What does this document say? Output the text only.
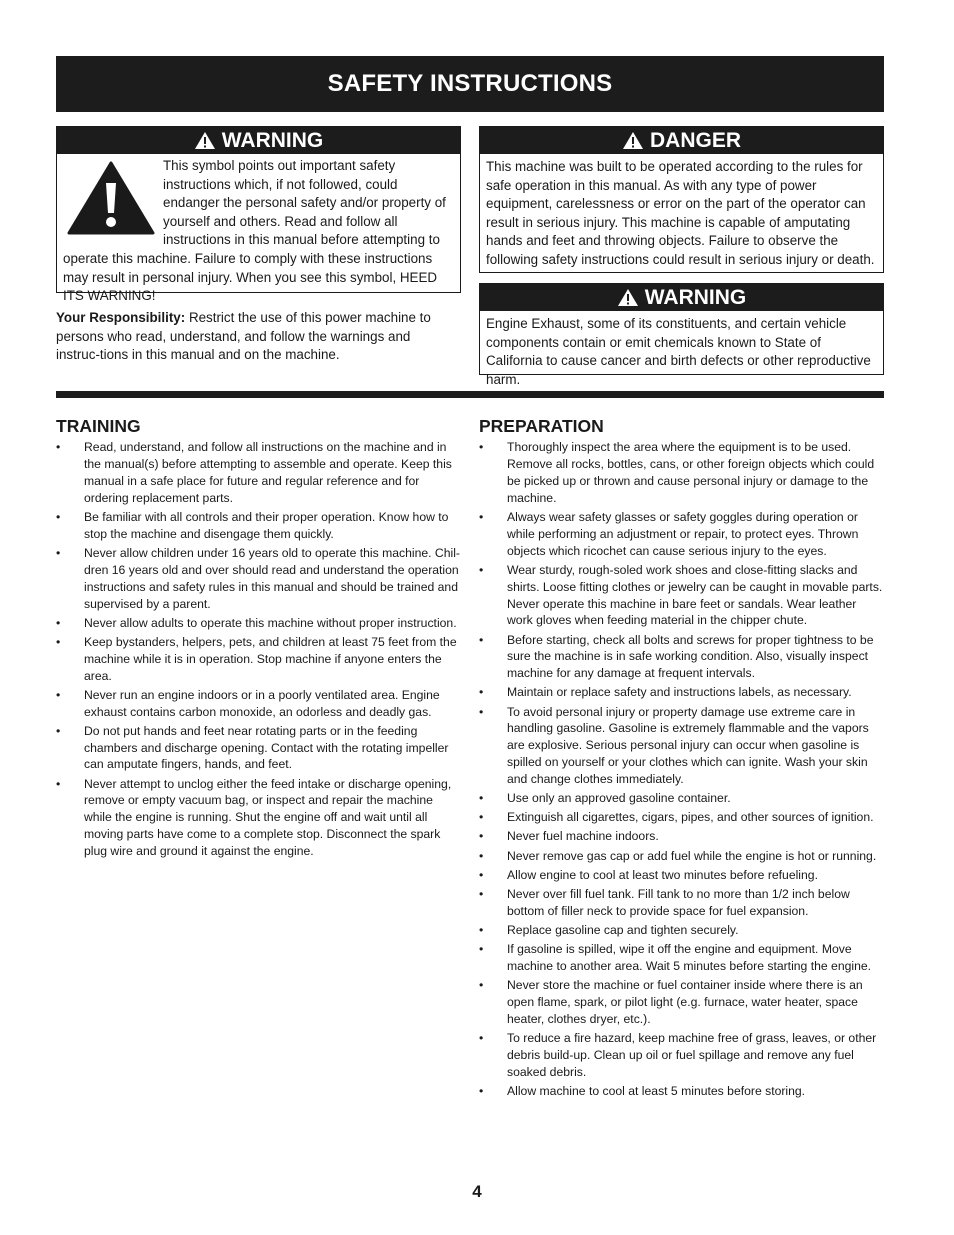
SAFETY INSTRUCTIONS
WARNING
This symbol points out important safety instructions which, if not followed, could endanger the personal safety and/or property of yourself and others. Read and follow all instructions in this manual before attempting to operate this machine. Failure to comply with these instructions may result in personal injury. When you see this symbol, HEED ITS WARNING!
Your Responsibility: Restrict the use of this power machine to persons who read, understand, and follow the warnings and instruc-tions in this manual and on the machine.
DANGER
This machine was built to be operated according to the rules for safe operation in this manual. As with any type of power equipment, carelessness or error on the part of the operator can result in serious injury. This machine is capable of amputating hands and feet and throwing objects. Failure to observe the following safety instructions could result in serious injury or death.
WARNING
Engine Exhaust, some of its constituents, and certain vehicle components contain or emit chemicals known to State of California to cause cancer and birth defects or other reproductive harm.
TRAINING
•	Read, understand, and follow all instructions on the machine and in the manual(s) before attempting to assemble and operate. Keep this manual in a safe place for future and regular reference and for ordering replacement parts.
•	Be familiar with all controls and their proper operation. Know how to stop the machine and disengage them quickly.
•	Never allow children under 16 years old to operate this machine. Chil-dren 16 years old and over should read and understand the operation instructions and safety rules in this manual and should be trained and supervised by a parent.
•	Never allow adults to operate this machine without proper instruction.
•	Keep bystanders, helpers, pets, and children at least 75 feet from the machine while it is in operation. Stop machine if anyone enters the area.
•	Never run an engine indoors or in a poorly ventilated area. Engine exhaust contains carbon monoxide, an odorless and deadly gas.
•	Do not put hands and feet near rotating parts or in the feeding chambers and discharge opening. Contact with the rotating impeller can amputate fingers, hands, and feet.
•	Never attempt to unclog either the feed intake or discharge opening, remove or empty vacuum bag, or inspect and repair the machine while the engine is running. Shut the engine off and wait until all moving parts have come to a complete stop. Disconnect the spark plug wire and ground it against the engine.
PREPARATION
•	Thoroughly inspect the area where the equipment is to be used. Remove all rocks, bottles, cans, or other foreign objects which could be picked up or thrown and cause personal injury or damage to the machine.
•	Always wear safety glasses or safety goggles during operation or while performing an adjustment or repair, to protect eyes. Thrown objects which ricochet can cause serious injury to the eyes.
•	Wear sturdy, rough-soled work shoes and close-fitting slacks and shirts. Loose fitting clothes or jewelry can be caught in movable parts. Never operate this machine in bare feet or sandals. Wear leather work gloves when feeding material in the chipper chute.
•	Before starting, check all bolts and screws for proper tightness to be sure the machine is in safe working condition. Also, visually inspect machine for any damage at frequent intervals.
•	Maintain or replace safety and instructions labels, as necessary.
•	To avoid personal injury or property damage use extreme care in handling gasoline. Gasoline is extremely flammable and the vapors are explosive. Serious personal injury can occur when gasoline is spilled on yourself or your clothes which can ignite. Wash your skin and change clothes immediately.
•	Use only an approved gasoline container.
•	Extinguish all cigarettes, cigars, pipes, and other sources of ignition.
•	Never fuel machine indoors.
•	Never remove gas cap or add fuel while the engine is hot or running.
•	Allow engine to cool at least two minutes before refueling.
•	Never over fill fuel tank. Fill tank to no more than 1/2 inch below bottom of filler neck to provide space for fuel expansion.
•	Replace gasoline cap and tighten securely.
•	If gasoline is spilled, wipe it off the engine and equipment. Move machine to another area. Wait 5 minutes before starting the engine.
•	Never store the machine or fuel container inside where there is an open flame, spark, or pilot light (e.g. furnace, water heater, space heater, clothes dryer, etc.).
•	To reduce a fire hazard, keep machine free of grass, leaves, or other debris build-up. Clean up oil or fuel spillage and remove any fuel soaked debris.
•	Allow machine to cool at least 5 minutes before storing.
4
